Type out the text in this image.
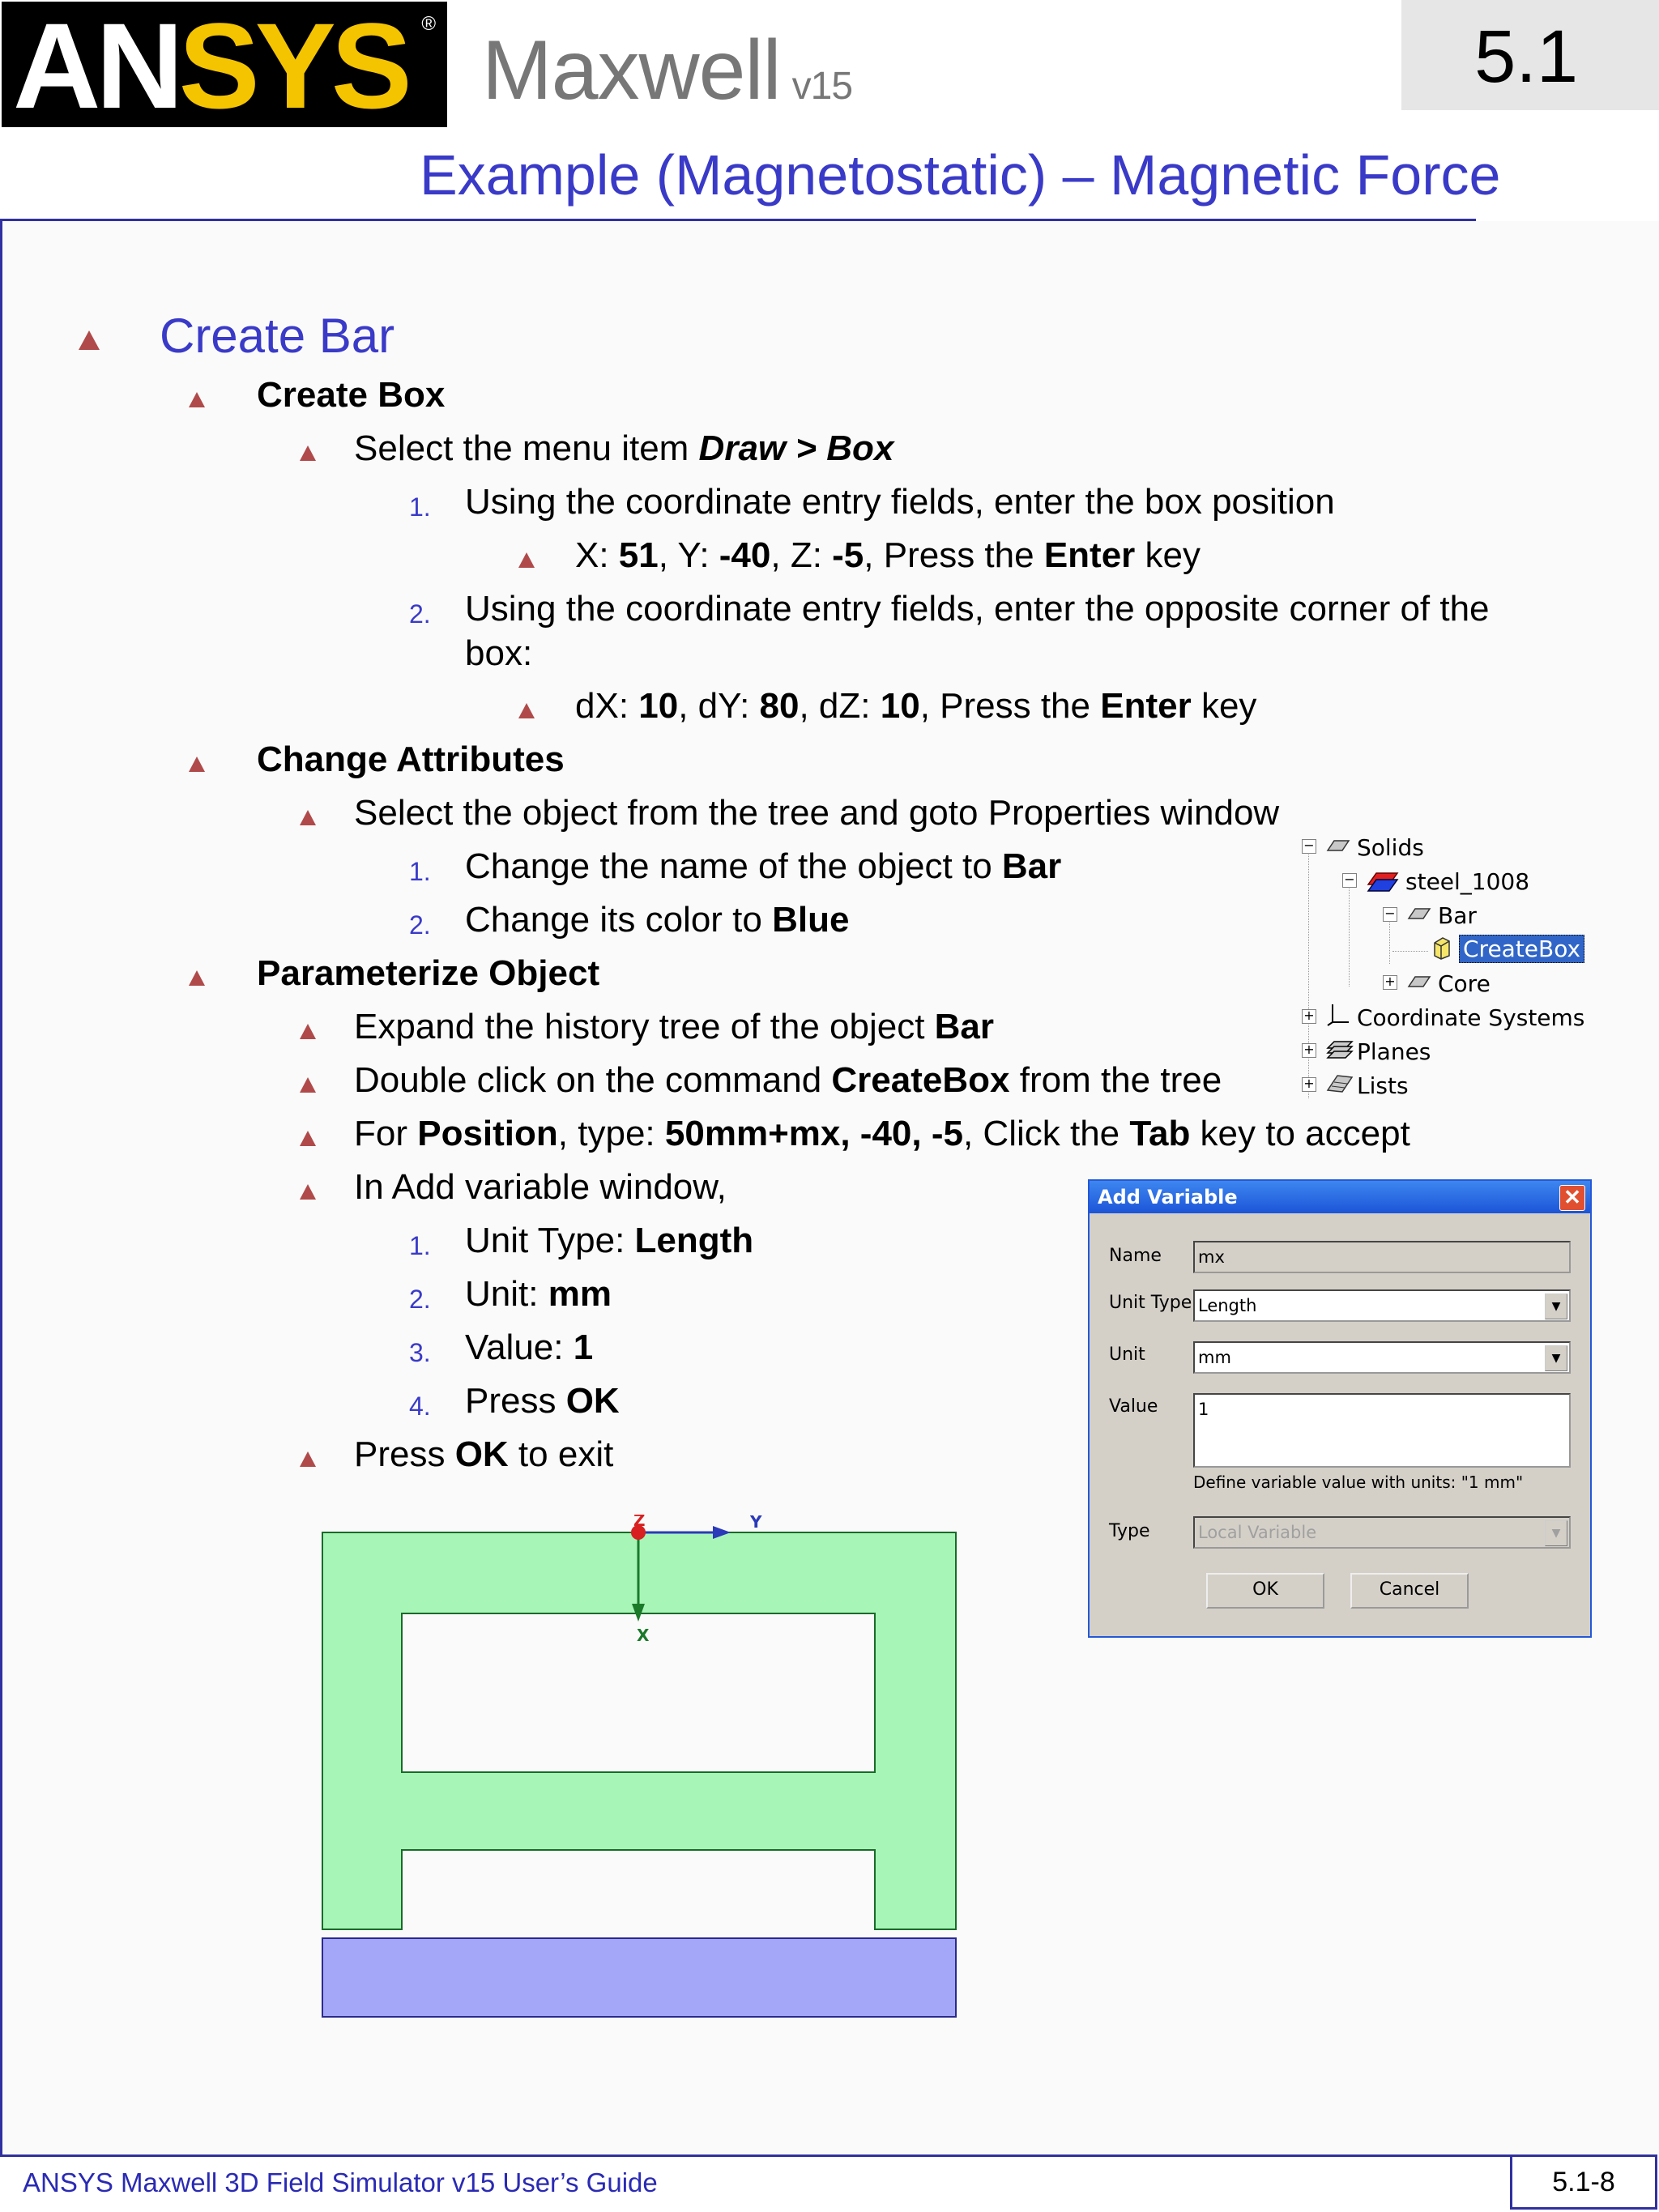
ANSYS ® Maxwell v15	5.1
Example (Magnetostatic) – Magnetic Force
Create Bar
Create Box
Select the menu item Draw > Box
1. Using the coordinate entry fields, enter the box position
X: 51, Y: -40, Z: -5, Press the Enter key
2. Using the coordinate entry fields, enter the opposite corner of the
box:
dX: 10, dY: 80, dZ: 10, Press the Enter key
Change Attributes
Select the object from the tree and goto Properties window
1. Change the name of the object to Bar
2. Change its color to Blue
Parameterize Object
Expand the history tree of the object Bar
Double click on the command CreateBox from the tree
For Position, type: 50mm+mx, -40, -5, Click the Tab key to accept
In Add variable window,
1. Unit Type: Length
2. Unit: mm
3. Value: 1
4. Press OK
Press OK to exit
− Solids
− steel_1008
− Bar
CreateBox
+ Core
+ Coordinate Systems
+ Planes
+ Lists
Add Variable	✕
Name mx
Unit Type Length	▼
Unit	mm	▼
Value 1
Define variable value with units: "1 mm"
Type	Local Variable	▼
OK	Cancel
Z	Y
X
ANSYS Maxwell 3D Field Simulator v15 User’s Guide	5.1-8
